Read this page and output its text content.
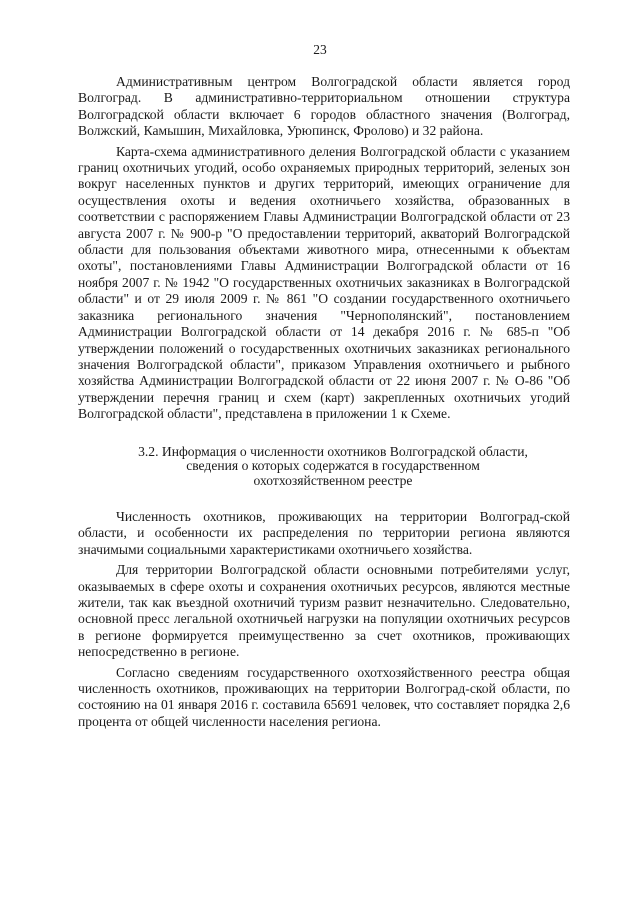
23

Административным центром Волгоградской области является город Волгоград. В административно-территориальном отношении структура Волгоградской области включает 6 городов областного значения (Волгоград, Волжский, Камышин, Михайловка, Урюпинск, Фролово) и 32 района.

Карта-схема административного деления Волгоградской области с указанием границ охотничьих угодий, особо охраняемых природных территорий, зеленых зон вокруг населенных пунктов и других территорий, имеющих ограничение для осуществления охоты и ведения охотничьего хозяйства, образованных в соответствии с распоряжением Главы Администрации Волгоградской области от 23 августа 2007 г. № 900-р "О предоставлении территорий, акваторий Волгоградской области для пользования объектами животного мира, отнесенными к объектам охоты", постановлениями Главы Администрации Волгоградской области от 16 ноября 2007 г. № 1942 "О государственных охотничьих заказниках в Волгоградской области" и от 29 июля 2009 г. № 861 "О создании государственного охотничьего заказника регионального значения "Чернополянский", постановлением Администрации Волгоградской области от 14 декабря 2016 г. № 685-п "Об утверждении положений о государственных охотничьих заказниках регионального значения Волгоградской области", приказом Управления охотничьего и рыбного хозяйства Администрации Волгоградской области от 22 июня 2007 г. № О-86 "Об утверждении перечня границ и схем (карт) закрепленных охотничьих угодий Волгоградской области", представлена в приложении 1 к Схеме.

3.2. Информация о численности охотников Волгоградской области,
сведения о которых содержатся в государственном
охотхозяйственном реестре

Численность охотников, проживающих на территории Волгоград-ской области, и особенности их распределения по территории региона являются значимыми социальными характеристиками охотничьего хозяйства.

Для территории Волгоградской области основными потребителями услуг, оказываемых в сфере охоты и сохранения охотничьих ресурсов, являются местные жители, так как въездной охотничий туризм развит незначительно. Следовательно, основной пресс легальной охотничьей нагрузки на популяции охотничьих ресурсов в регионе формируется преимущественно за счет охотников, проживающих непосредственно в регионе.

Согласно сведениям государственного охотхозяйственного реестра общая численность охотников, проживающих на территории Волгоград-ской области, по состоянию на 01 января 2016 г. составила 65691 человек, что составляет порядка 2,6 процента от общей численности населения региона.
